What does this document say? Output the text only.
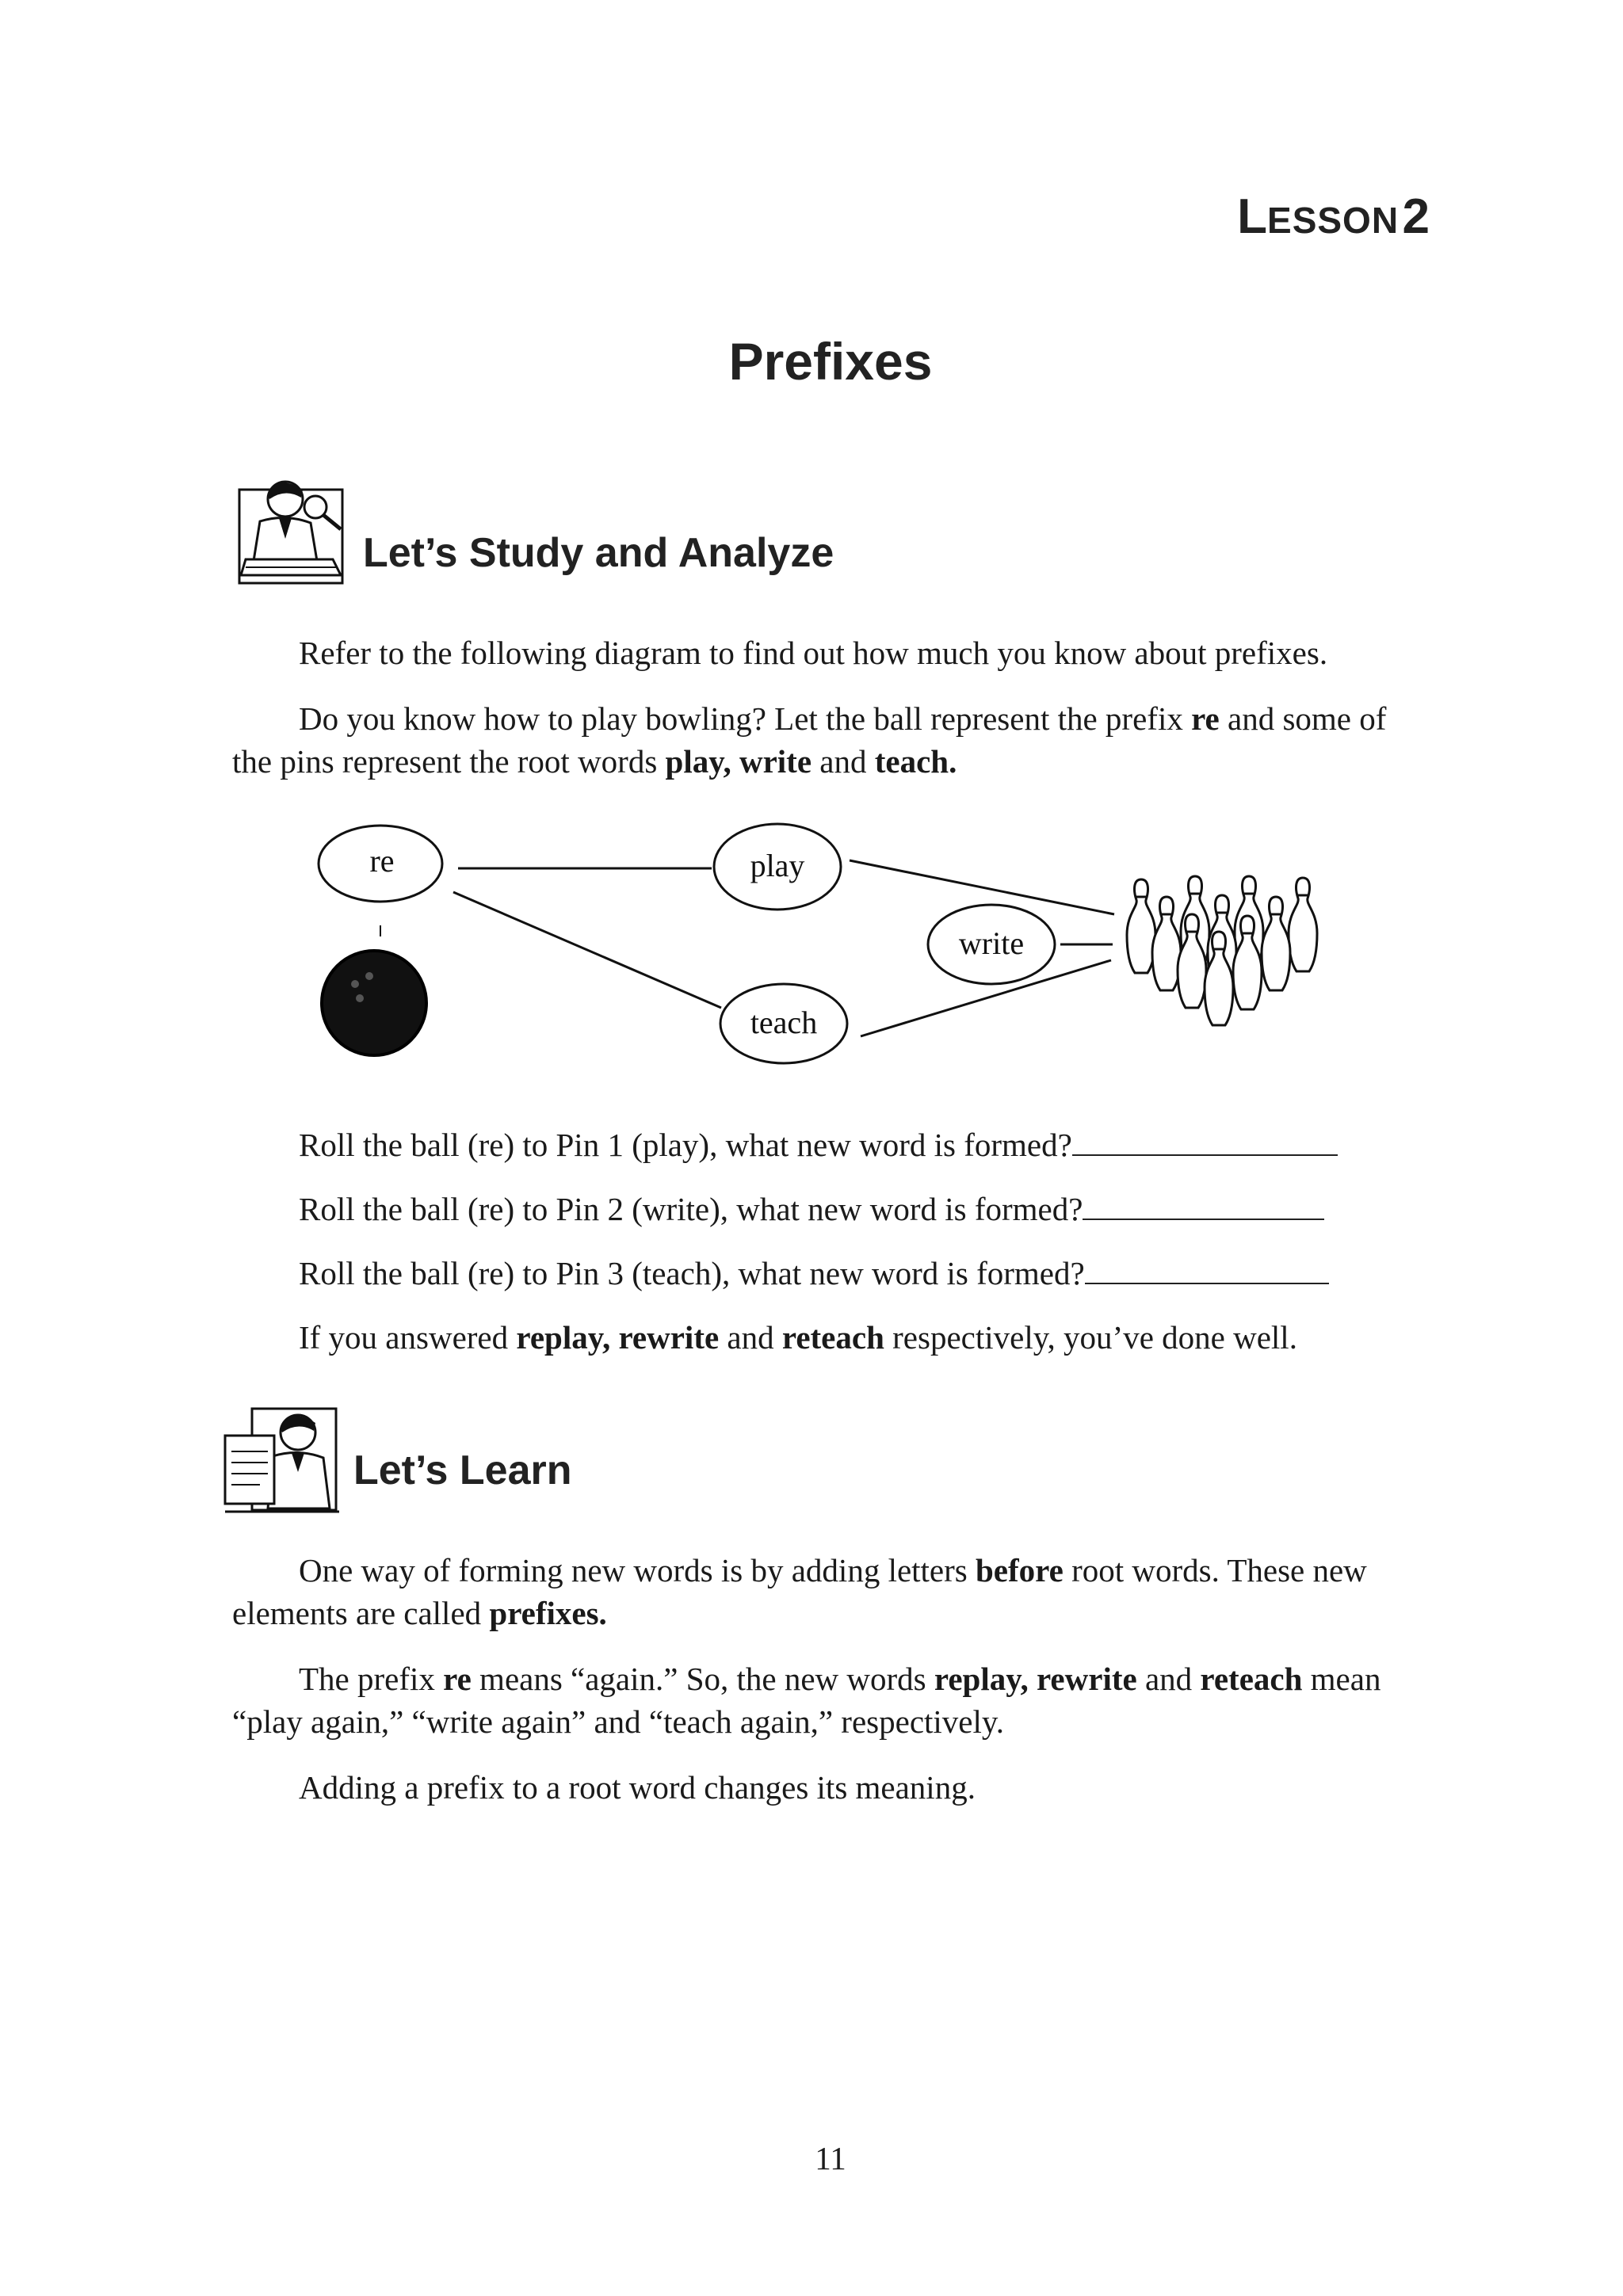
LESSON 2
Prefixes
Let’s Study and Analyze

Refer to the following diagram to find out how much you know about prefixes.

Do you know how to play bowling? Let the ball represent the prefix re and some of the pins represent the root words play, write and teach.

re	play
write
teach
Roll the ball (re) to Pin 1 (play), what new word is formed?
Roll the ball (re) to Pin 2 (write), what new word is formed?
Roll the ball (re) to Pin 3 (teach), what new word is formed?
If you answered replay, rewrite and reteach respectively, you’ve done well.
Let’s Learn

One way of forming new words is by adding letters before root words. These new elements are called prefixes.

The prefix re means “again.” So, the new words replay, rewrite and reteach mean “play again,” “write again” and “teach again,” respectively.

Adding a prefix to a root word changes its meaning.

11
